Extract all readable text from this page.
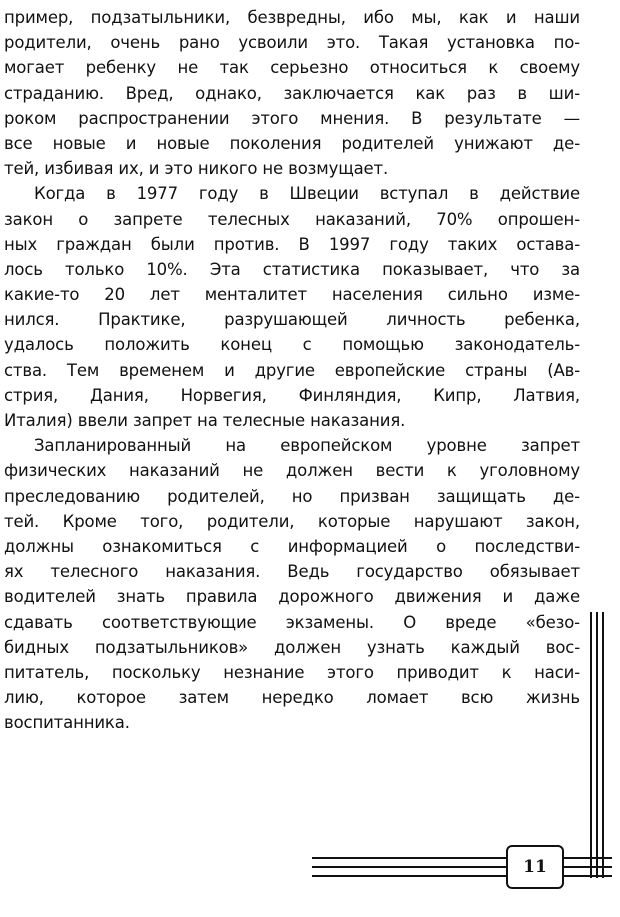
пример, подзатыльники, безвредны, ибо мы, как и наши
родители, очень рано усвоили это. Такая установка по-
могает ребенку не так серьезно относиться к своему
страданию. Вред, однако, заключается как раз в ши-
роком распространении этого мнения. В результате —
все новые и новые поколения родителей унижают де-
тей, избивая их, и это никого не возмущает.
Когда в 1977 году в Швеции вступал в действие
закон о запрете телесных наказаний, 70% опрошен-
ных граждан были против. В 1997 году таких остава-
лось только 10%. Эта статистика показывает, что за
какие-то 20 лет менталитет населения сильно изме-
нился. Практике, разрушающей личность ребенка,
удалось положить конец с помощью законодатель-
ства. Тем временем и другие европейские страны (Ав-
стрия, Дания, Норвегия, Финляндия, Кипр, Латвия,
Италия) ввели запрет на телесные наказания.
Запланированный на европейском уровне запрет
физических наказаний не должен вести к уголовному
преследованию родителей, но призван защищать де-
тей. Кроме того, родители, которые нарушают закон,
должны ознакомиться с информацией о последстви-
ях телесного наказания. Ведь государство обязывает
водителей знать правила дорожного движения и даже
сдавать соответствующие экзамены. О вреде «безо-
бидных подзатыльников» должен узнать каждый вос-
питатель, поскольку незнание этого приводит к наси-
лию, которое затем нередко ломает всю жизнь
воспитанника.
11
